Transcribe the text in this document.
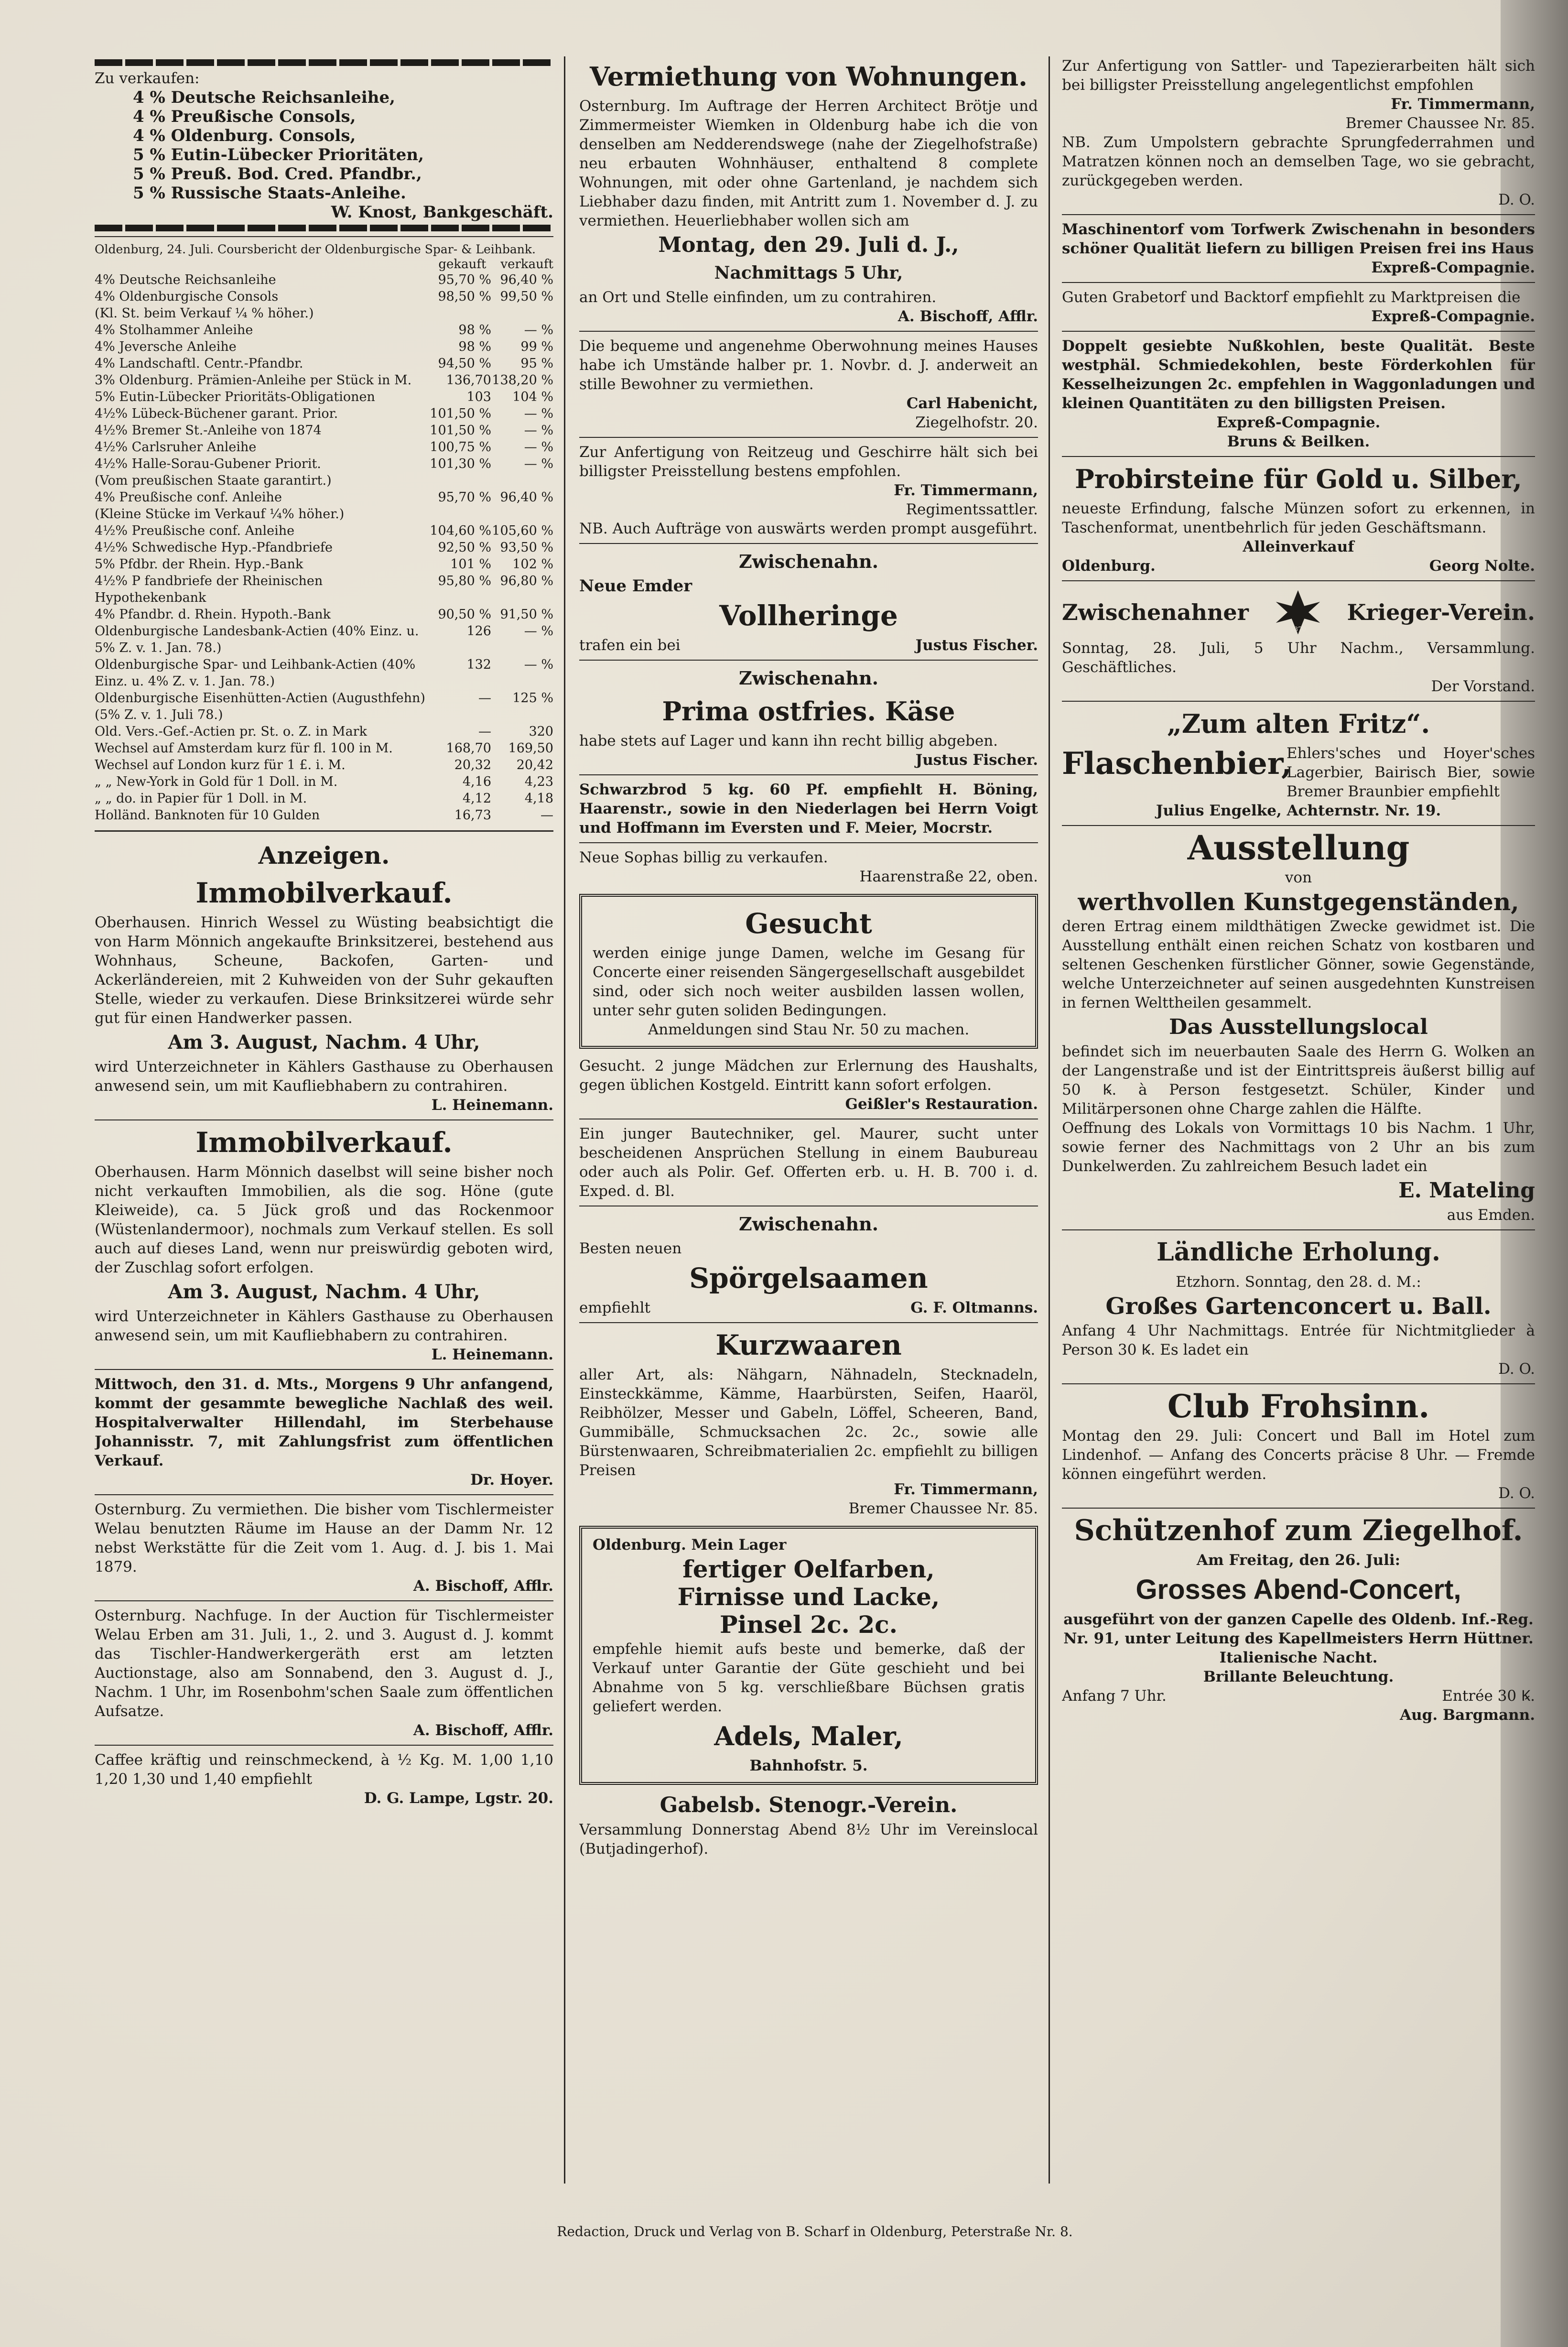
Zu verkaufen:

4 % Deutsche Reichsanleihe,

4 % Preußische Consols,

4 % Oldenburg. Consols,

5 % Eutin-Lübecker Prioritäten,

5 % Preuß. Bod. Cred. Pfandbr.,

5 % Russische Staats-Anleihe.

W. Knost, Bankgeschäft.

Oldenburg, 24. Juli. Coursbericht der Oldenburgische Spar- & Leihbank.

gekauft verkauft
4% Deutsche Reichsanleihe	95,70 % 96,40 %
4% Oldenburgische Consols	98,50 % 99,50 %
(Kl. St. beim Verkauf ¼ % höher.)
4% Stolhammer Anleihe	98 %	— %
4% Jeversche Anleihe	98 %	99 %
4% Landschaftl. Centr.-Pfandbr.	94,50 %	95 %
3% Oldenburg. Prämien-Anleihe per Stück in M.	136,70 138,20 %
5% Eutin-Lübecker Prioritäts-Obligationen	103	104 %
4½% Lübeck-Büchener garant. Prior.	101,50 %	— %
4½% Bremer St.-Anleihe von 1874	101,50 %	— %
4½% Carlsruher Anleihe	100,75 %	— %
4½% Halle-Sorau-Gubener Priorit.	101,30 %	— %
(Vom preußischen Staate garantirt.)
4% Preußische conf. Anleihe	95,70 % 96,40 %
(Kleine Stücke im Verkauf ¼% höher.)
4½% Preußische conf. Anleihe	104,60 % 105,60 %
4½% Schwedische Hyp.-Pfandbriefe	92,50 % 93,50 %
5% Pfdbr. der Rhein. Hyp.-Bank	101 %	102 %
4½% P fandbriefe der Rheinischen Hypothekenbank
95,80 % 96,80 %
4% Pfandbr. d. Rhein. Hypoth.-Bank	90,50 % 91,50 %
Oldenburgische Landesbank-Actien (40% Einz. u. 5% Z. v. 1. Jan. 78.)
126	— %
Oldenburgische Spar- und Leihbank-Actien (40% Einz. u. 4% Z. v. 1. Jan. 78.)
132	— %
Oldenburgische Eisenhütten-Actien (Augusthfehn) (5% Z. v. 1. Juli 78.)
—	125 %
Old. Vers.-Gef.-Actien pr. St. o. Z. in Mark	—	320
Wechsel auf Amsterdam kurz für fl. 100 in M.	168,70	169,50
Wechsel auf London kurz für 1 £. i. M.	20,32	20,42
„ „ New-York in Gold für 1 Doll. in M.	4,16	4,23
„ „ do. in Papier für 1 Doll. in M.	4,12	4,18
Holländ. Banknoten für 10 Gulden	16,73	—
Anzeigen.
Immobilverkauf.

Oberhausen. Hinrich Wessel zu Wüsting beabsichtigt die von Harm Mönnich angekaufte Brinksitzerei, bestehend aus Wohnhaus, Scheune, Backofen, Garten- und Ackerländereien, mit 2 Kuhweiden von der Suhr gekauften Stelle, wieder zu verkaufen. Diese Brinksitzerei würde sehr gut für einen Handwerker passen.

Am 3. August, Nachm. 4 Uhr,

wird Unterzeichneter in Kählers Gasthause zu Oberhausen anwesend sein, um mit Kaufliebhabern zu contrahiren.

L. Heinemann.

Immobilverkauf.

Oberhausen. Harm Mönnich daselbst will seine bisher noch nicht verkauften Immobilien, als die sog. Höne (gute Kleiweide), ca. 5 Jück groß und das Rockenmoor (Wüstenlandermoor), nochmals zum Verkauf stellen. Es soll auch auf dieses Land, wenn nur preiswürdig geboten wird, der Zuschlag sofort erfolgen.

Am 3. August, Nachm. 4 Uhr,

wird Unterzeichneter in Kählers Gasthause zu Oberhausen anwesend sein, um mit Kaufliebhabern zu contrahiren.

L. Heinemann.

Mittwoch, den 31. d. Mts., Morgens 9 Uhr anfangend, kommt der gesammte bewegliche Nachlaß des weil. Hospitalverwalter Hillendahl, im Sterbehause Johannisstr. 7, mit Zahlungsfrist zum öffentlichen Verkauf.

Dr. Hoyer.

Osternburg. Zu vermiethen. Die bisher vom Tischlermeister Welau benutzten Räume im Hause an der Damm Nr. 12 nebst Werkstätte für die Zeit vom 1. Aug. d. J. bis 1. Mai 1879.

A. Bischoff, Afflr.

Osternburg. Nachfuge. In der Auction für Tischlermeister Welau Erben am 31. Juli, 1., 2. und 3. August d. J. kommt das Tischler-Handwerkergeräth erst am letzten Auctionstage, also am Sonnabend, den 3. August d. J., Nachm. 1 Uhr, im Rosenbohm'schen Saale zum öffentlichen Aufsatze.

A. Bischoff, Afflr.

Caffee kräftig und reinschmeckend, à ½ Kg. M. 1,00 1,10 1,20 1,30 und 1,40 empfiehlt

D. G. Lampe, Lgstr. 20.

Vermiethung von Wohnungen.

Osternburg. Im Auftrage der Herren Architect Brötje und Zimmermeister Wiemken in Oldenburg habe ich die von denselben am Nedderendswege (nahe der Ziegelhofstraße) neu erbauten Wohnhäuser, enthaltend 8 complete Wohnungen, mit oder ohne Gartenland, je nachdem sich Liebhaber dazu finden, mit Antritt zum 1. November d. J. zu vermiethen. Heuerliebhaber wollen sich am

Montag, den 29. Juli d. J.,
Nachmittags 5 Uhr,

an Ort und Stelle einfinden, um zu contrahiren.

A. Bischoff, Afflr.

Die bequeme und angenehme Oberwohnung meines Hauses habe ich Umstände halber pr. 1. Novbr. d. J. anderweit an stille Bewohner zu vermiethen.

Carl Habenicht,

Ziegelhofstr. 20.

Zur Anfertigung von Reitzeug und Geschirre hält sich bei billigster Preisstellung bestens empfohlen.

Fr. Timmermann,

Regimentssattler.

NB. Auch Aufträge von auswärts werden prompt ausgeführt.

Zwischenahn.

Neue Emder

Vollheringe
trafen ein bei	Justus Fischer.
Zwischenahn.
Prima ostfries. Käse

habe stets auf Lager und kann ihn recht billig abgeben.

Justus Fischer.

Schwarzbrod 5 kg. 60 Pf. empfiehlt H. Böning, Haarenstr., sowie in den Niederlagen bei Herrn Voigt und Hoffmann im Eversten und F. Meier, Mocrstr.

Neue Sophas billig zu verkaufen.

Haarenstraße 22, oben.

Gesucht

werden einige junge Damen, welche im Gesang für Concerte einer reisenden Sängergesellschaft ausgebildet sind, oder sich noch weiter ausbilden lassen wollen, unter sehr guten soliden Bedingungen.

Anmeldungen sind Stau Nr. 50 zu machen.

Gesucht. 2 junge Mädchen zur Erlernung des Haushalts, gegen üblichen Kostgeld. Eintritt kann sofort erfolgen.

Geißler's Restauration.

Ein junger Bautechniker, gel. Maurer, sucht unter bescheidenen Ansprüchen Stellung in einem Baubureau oder auch als Polir. Gef. Offerten erb. u. H. B. 700 i. d. Exped. d. Bl.

Zwischenahn.

Besten neuen

Spörgelsaamen
empfiehlt	G. F. Oltmanns.
Kurzwaaren

aller Art, als: Nähgarn, Nähnadeln, Stecknadeln, Einsteckkämme, Kämme, Haarbürsten, Seifen, Haaröl, Reibhölzer, Messer und Gabeln, Löffel, Scheeren, Band, Gummibälle, Schmucksachen 2c. 2c., sowie alle Bürstenwaaren, Schreibmaterialien 2c. empfiehlt zu billigen Preisen

Fr. Timmermann,

Bremer Chaussee Nr. 85.

Oldenburg. Mein Lager

fertiger Oelfarben,
Firnisse und Lacke,
Pinsel 2c. 2c.

empfehle hiemit aufs beste und bemerke, daß der Verkauf unter Garantie der Güte geschieht und bei Abnahme von 5 kg. verschließbare Büchsen gratis geliefert werden.

Adels, Maler,

Bahnhofstr. 5.

Gabelsb. Stenogr.-Verein.

Versammlung Donnerstag Abend 8½ Uhr im Vereinslocal (Butjadingerhof).

Zur Anfertigung von Sattler- und Tapezierarbeiten hält sich bei billigster Preisstellung angelegentlichst empfohlen

Fr. Timmermann,

Bremer Chaussee Nr. 85.

NB. Zum Umpolstern gebrachte Sprungfederrahmen und Matratzen können noch an demselben Tage, wo sie gebracht, zurückgegeben werden.

D. O.

Maschinentorf vom Torfwerk Zwischenahn in besonders schöner Qualität liefern zu billigen Preisen frei ins Haus

Expreß-Compagnie.

Guten Grabetorf und Backtorf empfiehlt zu Marktpreisen die

Expreß-Compagnie.

Doppelt gesiebte Nußkohlen, beste Qualität. Beste westphäl. Schmiedekohlen, beste Förderkohlen für Kesselheizungen 2c. empfehlen in Waggonladungen und kleinen Quantitäten zu den billigsten Preisen.

Expreß-Compagnie.

Bruns & Beilken.

Probirsteine für Gold u. Silber,

neueste Erfindung, falsche Münzen sofort zu erkennen, in Taschenformat, unentbehrlich für jeden Geschäftsmann.

Alleinverkauf

Oldenburg.	Georg Nolte.
Zwischenahner
1870
Krieger-Verein.

Sonntag, 28. Juli, 5 Uhr Nachm., Versammlung. Geschäftliches.

Der Vorstand.

„Zum alten Fritz“.
Flaschenbier,

Ehlers'sches und Hoyer'sches Lagerbier, Bairisch Bier, sowie Bremer Braunbier empfiehlt

Julius Engelke, Achternstr. Nr. 19.

Ausstellung

von

werthvollen Kunstgegenständen,

deren Ertrag einem mildthätigen Zwecke gewidmet ist. Die Ausstellung enthält einen reichen Schatz von kostbaren und seltenen Geschenken fürstlicher Gönner, sowie Gegenstände, welche Unterzeichneter auf seinen ausgedehnten Kunstreisen in fernen Welttheilen gesammelt.

Das Ausstellungslocal

befindet sich im neuerbauten Saale des Herrn G. Wolken an der Langenstraße und ist der Eintrittspreis äußerst billig auf 50 Ꝃ. à Person festgesetzt. Schüler, Kinder und Militärpersonen ohne Charge zahlen die Hälfte.

Oeffnung des Lokals von Vormittags 10 bis Nachm. 1 Uhr, sowie ferner des Nachmittags von 2 Uhr an bis zum Dunkelwerden. Zu zahlreichem Besuch ladet ein

E. Mateling

aus Emden.

Ländliche Erholung.

Etzhorn. Sonntag, den 28. d. M.:

Großes Gartenconcert u. Ball.

Anfang 4 Uhr Nachmittags. Entrée für Nichtmitglieder à Person 30 Ꝃ. Es ladet ein

D. O.

Club Frohsinn.

Montag den 29. Juli: Concert und Ball im Hotel zum Lindenhof. — Anfang des Concerts präcise 8 Uhr. — Fremde können eingeführt werden.

D. O.

Schützenhof zum Ziegelhof.

Am Freitag, den 26. Juli:

Grosses Abend-Concert,

ausgeführt von der ganzen Capelle des Oldenb. Inf.-Reg. Nr. 91, unter Leitung des Kapellmeisters Herrn Hüttner.

Italienische Nacht.

Brillante Beleuchtung.

Anfang 7 Uhr.	Entrée 30 Ꝃ.

Aug. Bargmann.

Redaction, Druck und Verlag von B. Scharf in Oldenburg, Peterstraße Nr. 8.
